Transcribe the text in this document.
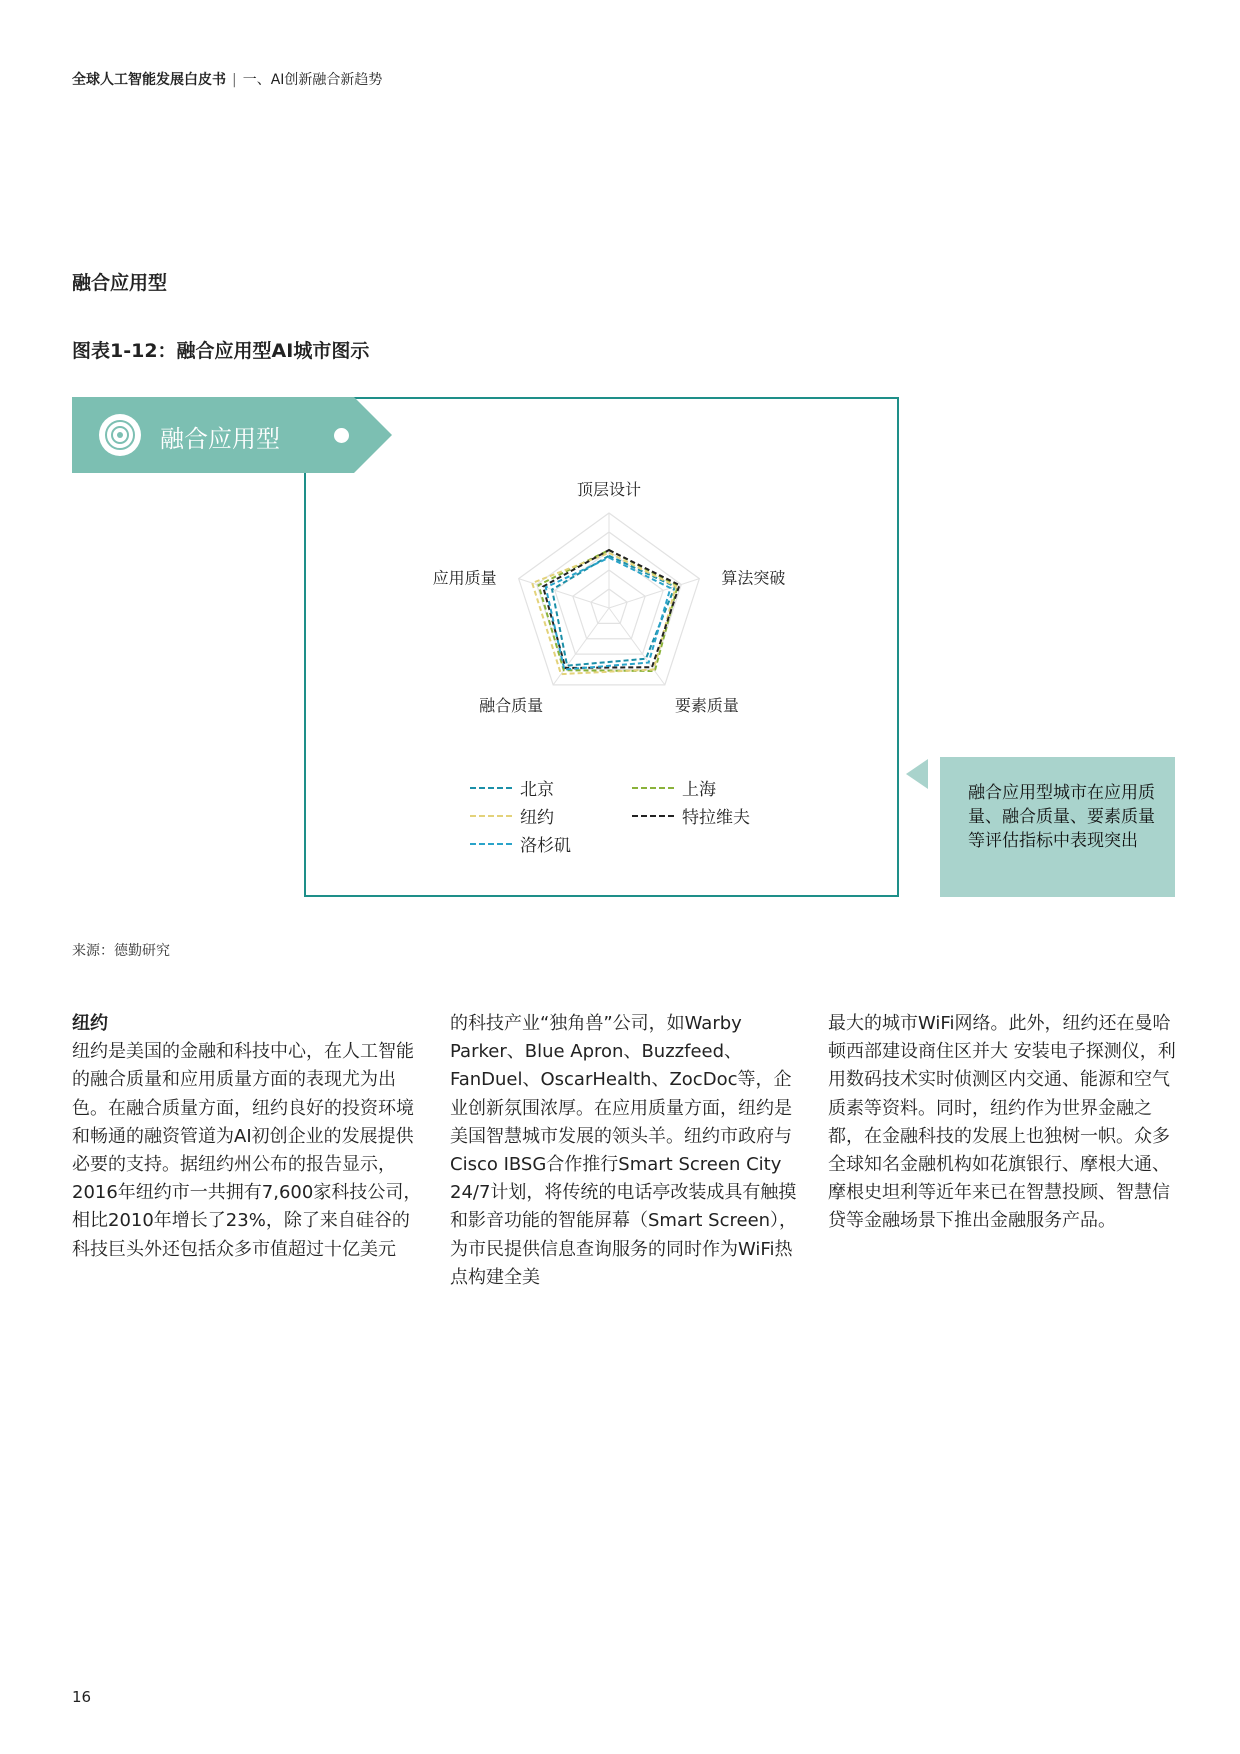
全球人工智能发展白皮书 | 一、AI创新融合新趋势
融合应用型
图表1-12：融合应用型AI城市图示
顶层设计
算法突破
要素质量
融合质量
应用质量
融合应用型
北京	上海
纽约	特拉维夫
洛杉矶
融合应用型城市在应用质量、融合质量、要素质量等评估指标中表现突出
来源：德勤研究
纽约
纽约是美国的金融和科技中心，在人工智能的融合质量和应用质量方面的表现尤为出色。在融合质量方面，纽约良好的投资环境和畅通的融资管道为AI初创企业的发展提供必要的支持。据纽约州公布的报告显示，2016年纽约市一共拥有7,600家科技公司，相比2010年增长了23%，除了来自硅谷的科技巨头外还包括众多市值超过十亿美元
的科技产业“独角兽”公司，如Warby Parker、Blue Apron、Buzzfeed、FanDuel、OscarHealth、ZocDoc等，企业创新氛围浓厚。在应用质量方面，纽约是美国智慧城市发展的领头羊。纽约市政府与Cisco IBSG合作推行Smart Screen City 24/7计划，将传统的电话亭改装成具有触摸和影音功能的智能屏幕（Smart Screen），为市民提供信息查询服务的同时作为WiFi热点构建全美
最大的城市WiFi网络。此外，纽约还在曼哈顿西部建设商住区并大 安装电子探测仪，利用数码技术实时侦测区内交通、能源和空气质素等资料。同时，纽约作为世界金融之都，在金融科技的发展上也独树一帜。众多全球知名金融机构如花旗银行、摩根大通、摩根史坦利等近年来已在智慧投顾、智慧信贷等金融场景下推出金融服务产品。
16
